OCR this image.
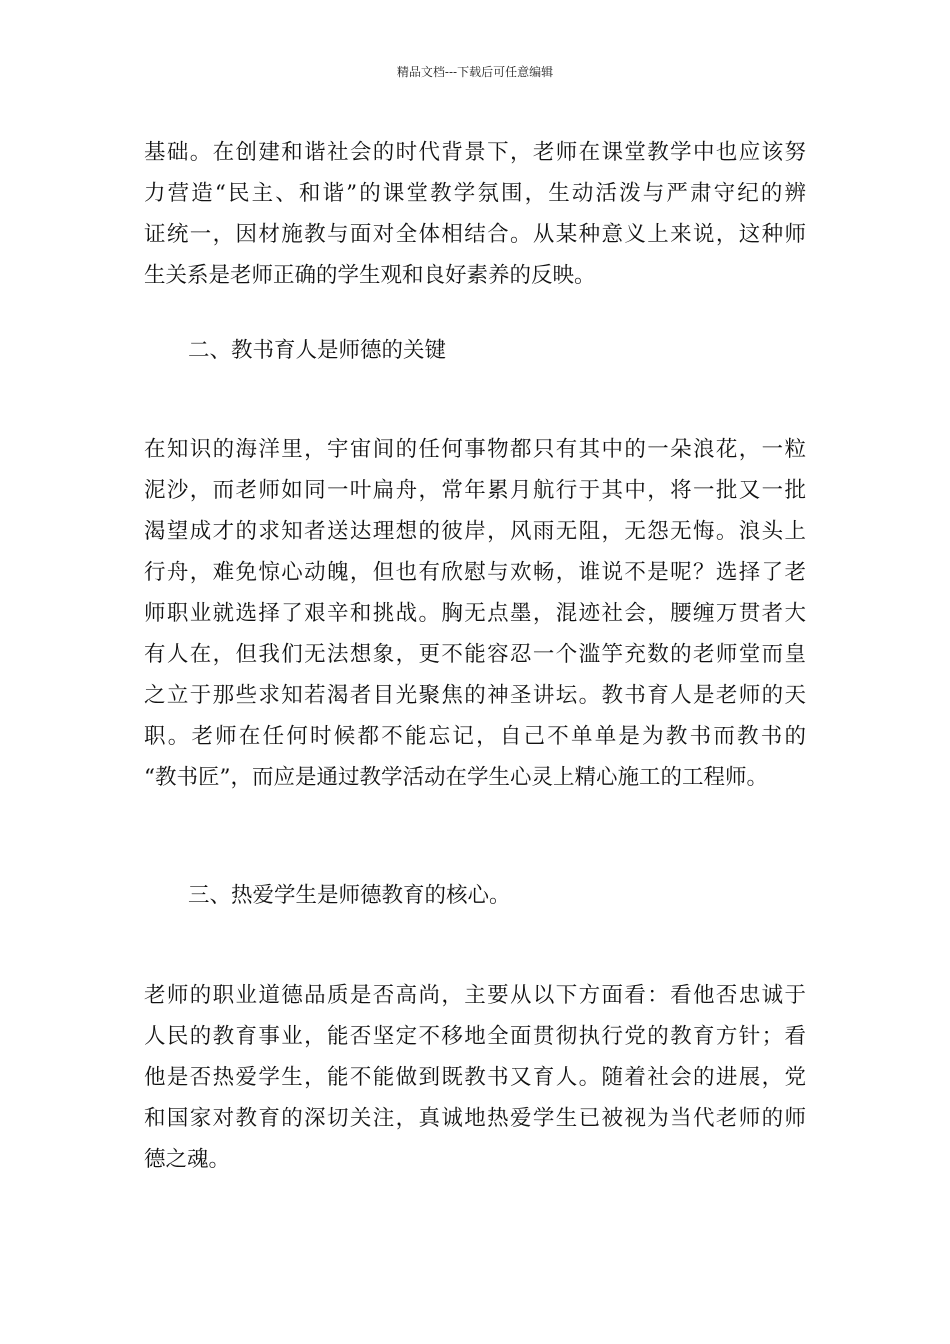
精品文档---下载后可任意编辑
基础。在创建和谐社会的时代背景下，老师在课堂教学中也应该努
力营造“民主、和谐”的课堂教学氛围，生动活泼与严肃守纪的辨
证统一，因材施教与面对全体相结合。从某种意义上来说，这种师
生关系是老师正确的学生观和良好素养的反映。
二、教书育人是师德的关键
在知识的海洋里，宇宙间的任何事物都只有其中的一朵浪花，一粒
泥沙，而老师如同一叶扁舟，常年累月航行于其中，将一批又一批
渴望成才的求知者送达理想的彼岸，风雨无阻，无怨无悔。浪头上
行舟，难免惊心动魄，但也有欣慰与欢畅，谁说不是呢？选择了老
师职业就选择了艰辛和挑战。胸无点墨，混迹社会，腰缠万贯者大
有人在，但我们无法想象，更不能容忍一个滥竽充数的老师堂而皇
之立于那些求知若渴者目光聚焦的神圣讲坛。教书育人是老师的天
职。老师在任何时候都不能忘记，自己不单单是为教书而教书的
“教书匠”，而应是通过教学活动在学生心灵上精心施工的工程师。
三、热爱学生是师德教育的核心。
老师的职业道德品质是否高尚，主要从以下方面看：看他否忠诚于
人民的教育事业，能否坚定不移地全面贯彻执行党的教育方针；看
他是否热爱学生，能不能做到既教书又育人。随着社会的进展，党
和国家对教育的深切关注，真诚地热爱学生已被视为当代老师的师
德之魂。
